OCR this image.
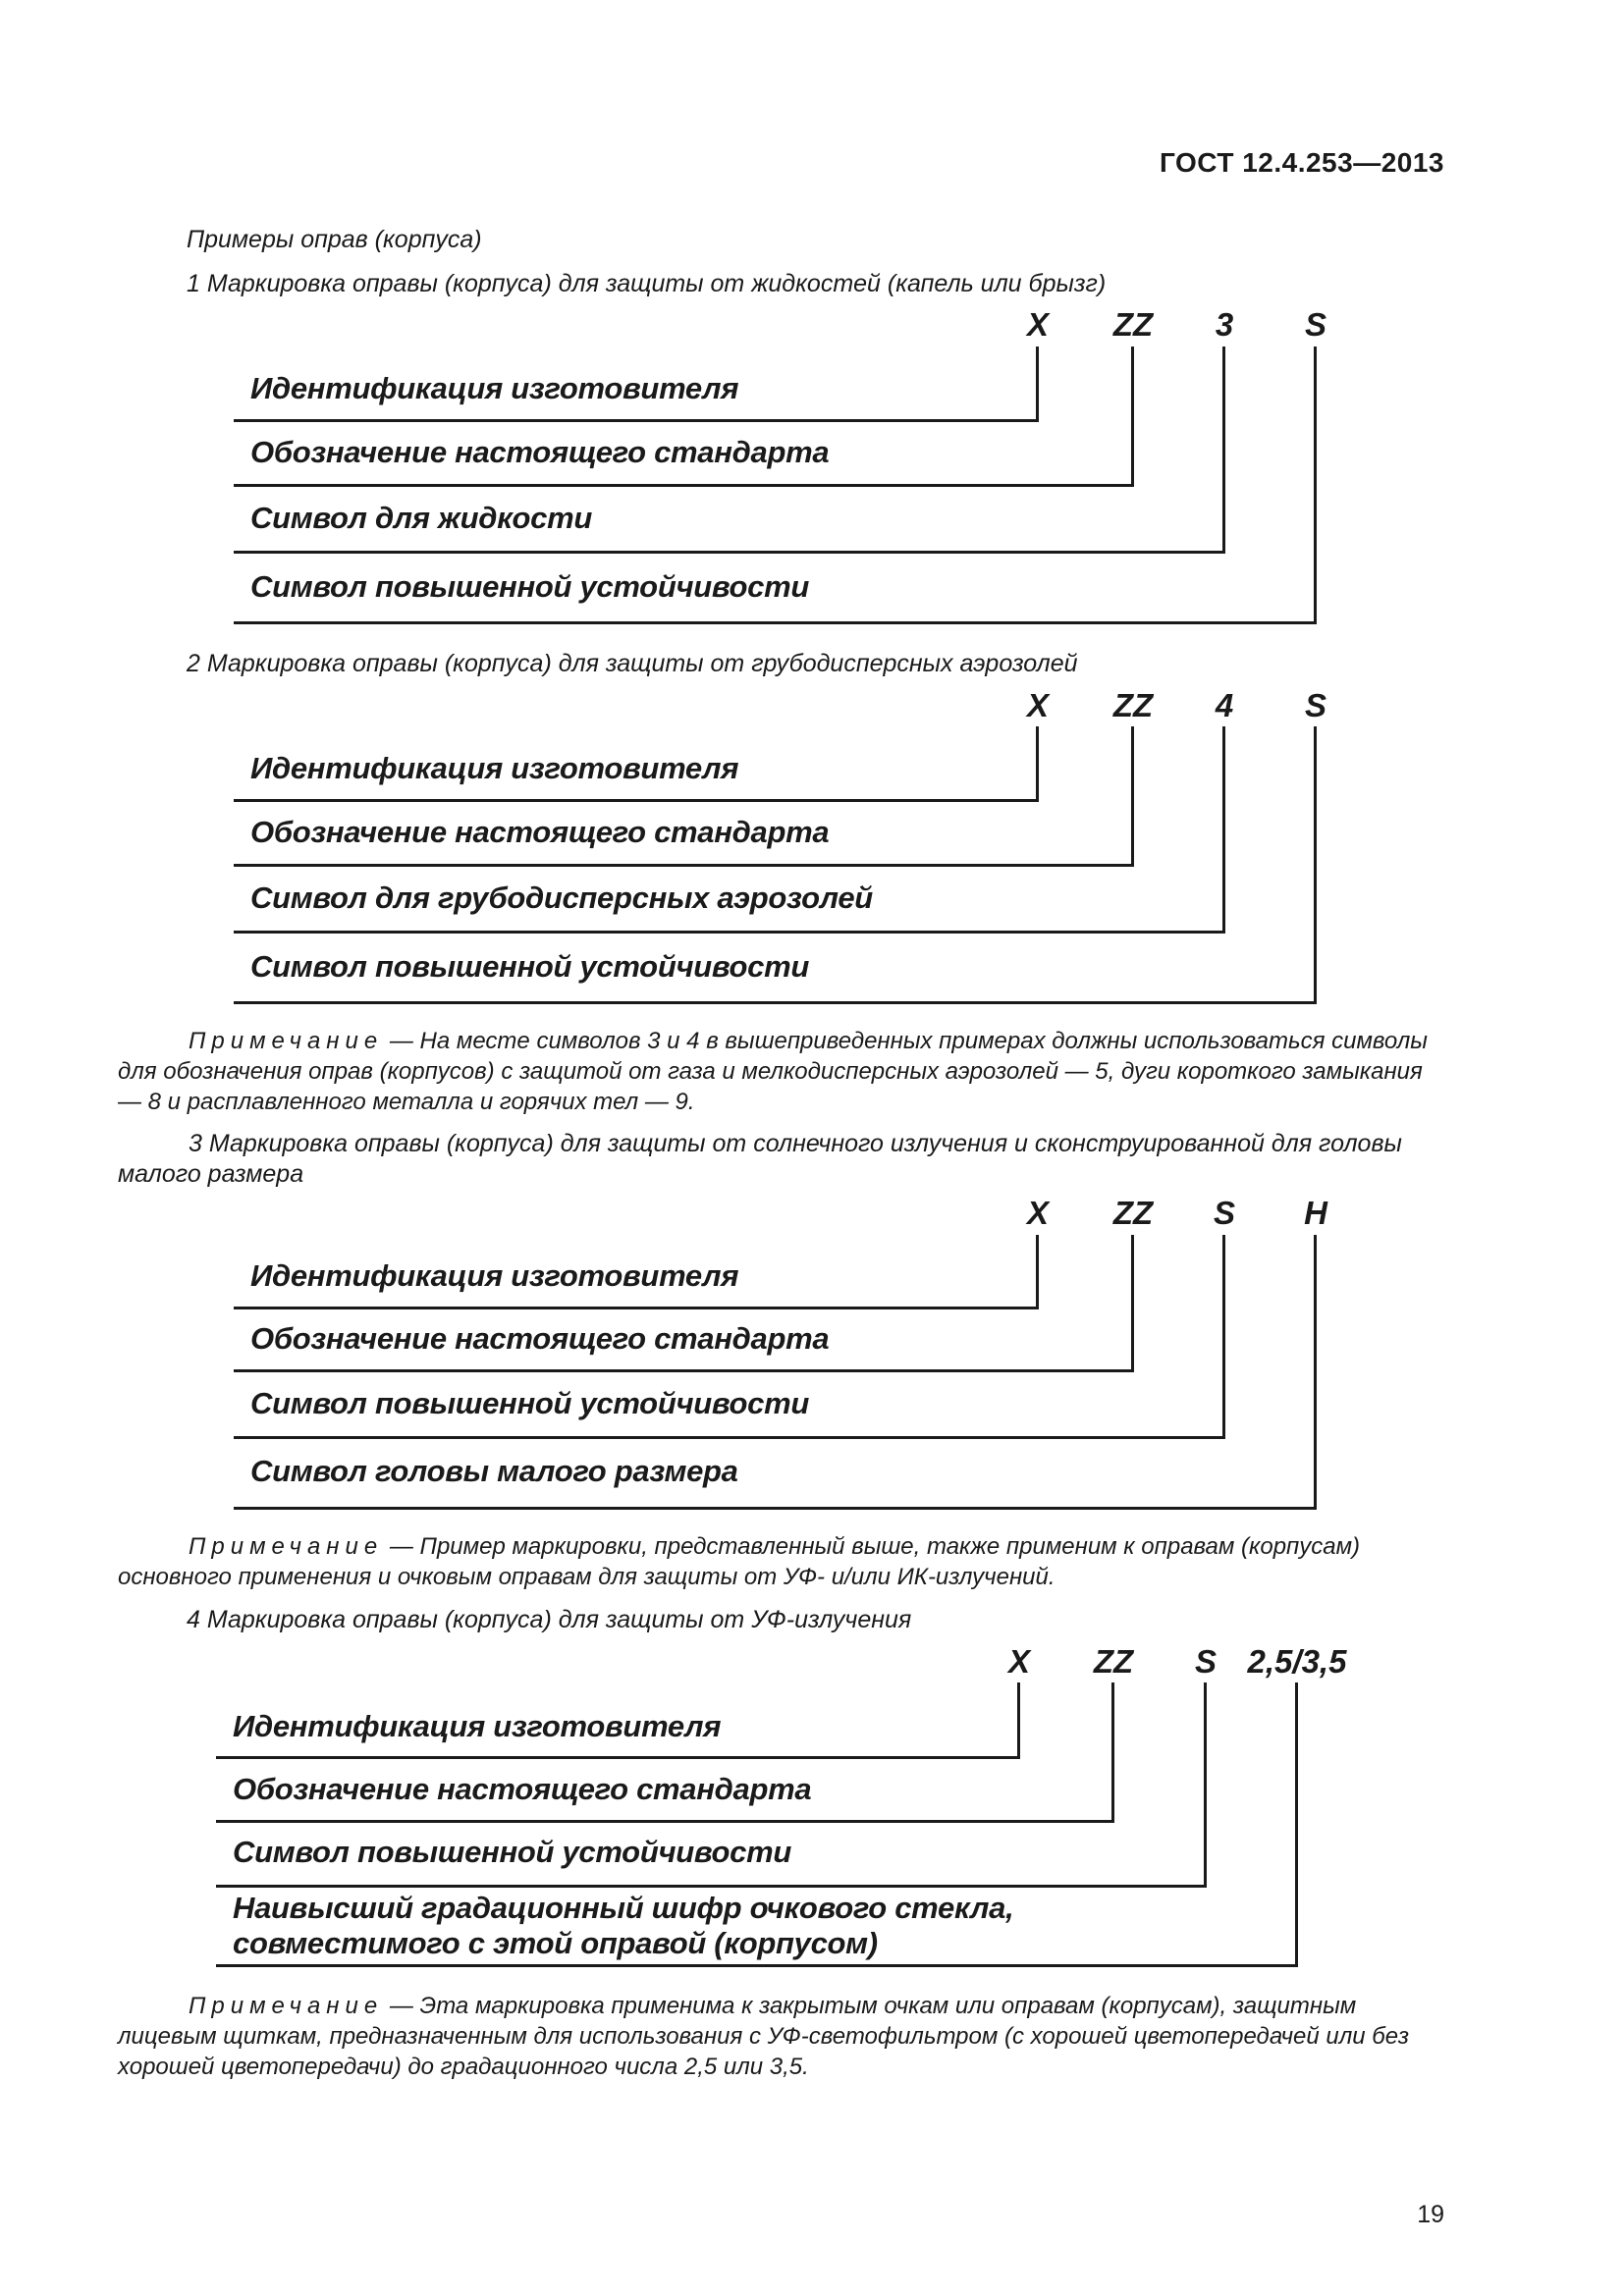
ГОСТ 12.4.253—2013
Примеры оправ (корпуса)
1 Маркировка оправы (корпуса) для защиты от жидкостей (капель или брызг)
X ZZ 3 S
Идентификация изготовителя
Обозначение настоящего стандарта
Символ для жидкости
Символ повышенной устойчивости
2 Маркировка оправы (корпуса) для защиты от грубодисперсных аэрозолей
X ZZ 4 S
Идентификация изготовителя
Обозначение настоящего стандарта
Символ для грубодисперсных аэрозолей
Символ повышенной устойчивости
Примечание — На месте символов 3 и 4 в вышеприведенных примерах должны использоваться символы для обозначения оправ (корпусов) с защитой от газа и мелкодисперсных аэрозолей — 5, дуги короткого замыкания — 8 и расплавленного металла и горячих тел — 9.
3 Маркировка оправы (корпуса) для защиты от солнечного излучения и сконструированной для головы малого размера
X ZZ S H
Идентификация изготовителя
Обозначение настоящего стандарта
Символ повышенной устойчивости
Символ головы малого размера
Примечание — Пример маркировки, представленный выше, также применим к оправам (корпусам) основного применения и очковым оправам для защиты от УФ- и/или ИК-излучений.
4 Маркировка оправы (корпуса) для защиты от УФ-излучения
X ZZ S 2,5/3,5
Идентификация изготовителя
Обозначение настоящего стандарта
Символ повышенной устойчивости
Наивысший градационный шифр очкового стекла, совместимого с этой оправой (корпусом)
Примечание — Эта маркировка применима к закрытым очкам или оправам (корпусам), защитным лицевым щиткам, предназначенным для использования с УФ-светофильтром (с хорошей цветопередачей или без хорошей цветопередачи) до градационного числа 2,5 или 3,5.
19
